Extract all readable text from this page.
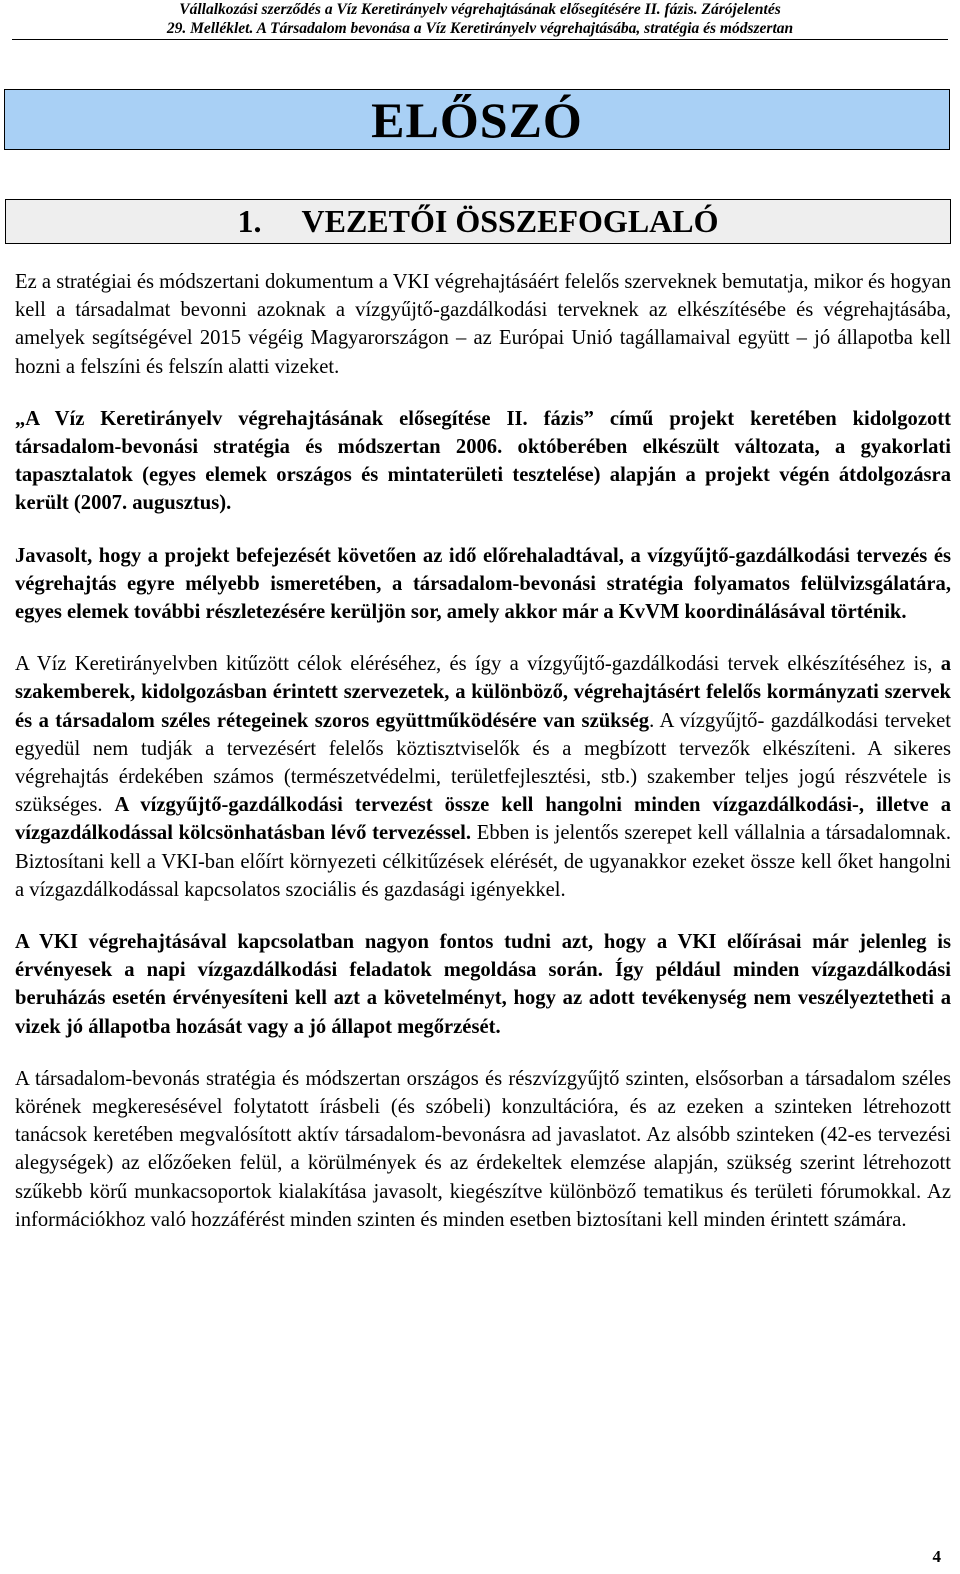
Vállalkozási szerződés a Víz Keretirányelv végrehajtásának elősegítésére II. fázis. Zárójelentés
29. Melléklet. A Társadalom bevonása a Víz Keretirányelv végrehajtásába, stratégia és módszertan
ELŐSZÓ
1. VEZETŐI ÖSSZEFOGLALÓ

Ez a stratégiai és módszertani dokumentum a VKI végrehajtásáért felelős szerveknek bemutatja, mikor és hogyan kell a társadalmat bevonni azoknak a vízgyűjtő-gazdálkodási terveknek az elkészítésébe és végrehajtásába, amelyek segítségével 2015 végéig Magyarországon – az Európai Unió tagállamaival együtt – jó állapotba kell hozni a felszíni és felszín alatti vizeket.

„A Víz Keretirányelv végrehajtásának elősegítése II. fázis” című projekt keretében kidolgozott társadalom-bevonási stratégia és módszertan 2006. októberében elkészült változata, a gyakorlati tapasztalatok (egyes elemek országos és mintaterületi tesztelése) alapján a projekt végén átdolgozásra került (2007. augusztus).

Javasolt, hogy a projekt befejezését követően az idő előrehaladtával, a vízgyűjtő-gazdálkodási tervezés és végrehajtás egyre mélyebb ismeretében, a társadalom-bevonási stratégia folyamatos felülvizsgálatára, egyes elemek további részletezésére kerüljön sor, amely akkor már a KvVM koordinálásával történik.

A Víz Keretirányelvben kitűzött célok eléréséhez, és így a vízgyűjtő-gazdálkodási tervek elkészítéséhez is, a szakemberek, kidolgozásban érintett szervezetek, a különböző, végrehajtásért felelős kormányzati szervek és a társadalom széles rétegeinek szoros együttműködésére van szükség. A vízgyűjtő- gazdálkodási terveket egyedül nem tudják a tervezésért felelős köztisztviselők és a megbízott tervezők elkészíteni. A sikeres végrehajtás érdekében számos (természetvédelmi, területfejlesztési, stb.) szakember teljes jogú részvétele is szükséges. A vízgyűjtő-gazdálkodási tervezést össze kell hangolni minden vízgazdálkodási-, illetve a vízgazdálkodással kölcsönhatásban lévő tervezéssel. Ebben is jelentős szerepet kell vállalnia a társadalomnak. Biztosítani kell a VKI-ban előírt környezeti célkitűzések elérését, de ugyanakkor ezeket össze kell őket hangolni a vízgazdálkodással kapcsolatos szociális és gazdasági igényekkel.

A VKI végrehajtásával kapcsolatban nagyon fontos tudni azt, hogy a VKI előírásai már jelenleg is érvényesek a napi vízgazdálkodási feladatok megoldása során. Így például minden vízgazdálkodási beruházás esetén érvényesíteni kell azt a követelményt, hogy az adott tevékenység nem veszélyeztetheti a vizek jó állapotba hozását vagy a jó állapot megőrzését.

A társadalom-bevonás stratégia és módszertan országos és részvízgyűjtő szinten, elsősorban a társadalom széles körének megkeresésével folytatott írásbeli (és szóbeli) konzultációra, és az ezeken a szinteken létrehozott tanácsok keretében megvalósított aktív társadalom-bevonásra ad javaslatot. Az alsóbb szinteken (42-es tervezési alegységek) az előzőeken felül, a körülmények és az érdekeltek elemzése alapján, szükség szerint létrehozott szűkebb körű munkacsoportok kialakítása javasolt, kiegészítve különböző tematikus és területi fórumokkal. Az információkhoz való hozzáférést minden szinten és minden esetben biztosítani kell minden érintett számára.

4
